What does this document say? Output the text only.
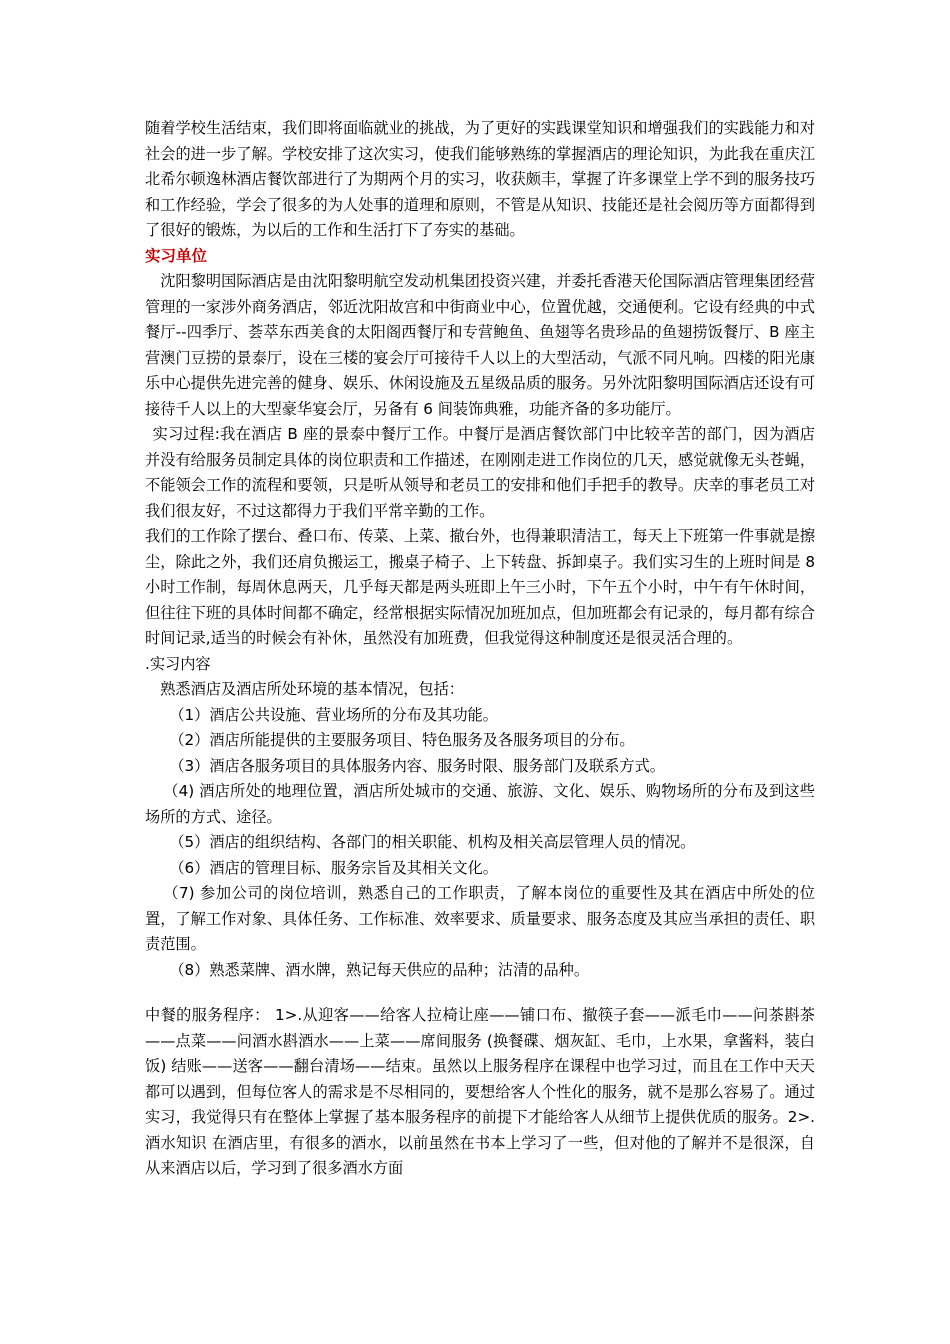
随着学校生活结束，我们即将面临就业的挑战，为了更好的实践课堂知识和增强我们的实践能力和对社会的进一步了解。学校安排了这次实习，使我们能够熟练的掌握酒店的理论知识，为此我在重庆江北希尔顿逸林酒店餐饮部进行了为期两个月的实习，收获颇丰，掌握了许多课堂上学不到的服务技巧和工作经验，学会了很多的为人处事的道理和原则，不管是从知识、技能还是社会阅历等方面都得到了很好的锻炼，为以后的工作和生活打下了夯实的基础。

实习单位

沈阳黎明国际酒店是由沈阳黎明航空发动机集团投资兴建，并委托香港天伦国际酒店管理集团经营管理的一家涉外商务酒店，邻近沈阳故宫和中街商业中心，位置优越，交通便利。它设有经典的中式餐厅--四季厅、荟萃东西美食的太阳阁西餐厅和专营鲍鱼、鱼翅等名贵珍品的鱼翅捞饭餐厅、B 座主营澳门豆捞的景泰厅，设在三楼的宴会厅可接待千人以上的大型活动，气派不同凡响。四楼的阳光康乐中心提供先进完善的健身、娱乐、休闲设施及五星级品质的服务。另外沈阳黎明国际酒店还设有可接待千人以上的大型豪华宴会厅，另备有 6 间装饰典雅，功能齐备的多功能厅。

实习过程:我在酒店 B 座的景泰中餐厅工作。中餐厅是酒店餐饮部门中比较辛苦的部门，因为酒店并没有给服务员制定具体的岗位职责和工作描述，在刚刚走进工作岗位的几天，感觉就像无头苍蝇，不能领会工作的流程和要领，只是听从领导和老员工的安排和他们手把手的教导。庆幸的事老员工对我们很友好，不过这都得力于我们平常辛勤的工作。

我们的工作除了摆台、叠口布、传菜、上菜、撤台外，也得兼职清洁工，每天上下班第一件事就是擦尘，除此之外，我们还肩负搬运工，搬桌子椅子、上下转盘、拆卸桌子。我们实习生的上班时间是 8 小时工作制，每周休息两天，几乎每天都是两头班即上午三小时，下午五个小时，中午有午休时间，但往往下班的具体时间都不确定，经常根据实际情况加班加点，但加班都会有记录的，每月都有综合时间记录,适当的时候会有补休，虽然没有加班费，但我觉得这种制度还是很灵活合理的。

.实习内容

熟悉酒店及酒店所处环境的基本情况，包括：

（1）酒店公共设施、营业场所的分布及其功能。

（2）酒店所能提供的主要服务项目、特色服务及各服务项目的分布。

（3）酒店各服务项目的具体服务内容、服务时限、服务部门及联系方式。

（4) 酒店所处的地理位置，酒店所处城市的交通、旅游、文化、娱乐、购物场所的分布及到这些场所的方式、途径。

（5）酒店的组织结构、各部门的相关职能、机构及相关高层管理人员的情况。

（6）酒店的管理目标、服务宗旨及其相关文化。

（7) 参加公司的岗位培训，熟悉自己的工作职责，了解本岗位的重要性及其在酒店中所处的位置，了解工作对象、具体任务、工作标准、效率要求、质量要求、服务态度及其应当承担的责任、职责范围。

（8）熟悉菜牌、酒水牌，熟记每天供应的品种；沽清的品种。

中餐的服务程序： 1>.从迎客——给客人拉椅让座——铺口布、撤筷子套——派毛巾——问茶斟茶——点菜——问酒水斟酒水——上菜——席间服务 (换餐碟、烟灰缸、毛巾，上水果，拿酱料，装白饭) 结账——送客——翻台清场——结束。虽然以上服务程序在课程中也学习过，而且在工作中天天都可以遇到，但每位客人的需求是不尽相同的，要想给客人个性化的服务，就不是那么容易了。通过实习，我觉得只有在整体上掌握了基本服务程序的前提下才能给客人从细节上提供优质的服务。2>.酒水知识 在酒店里，有很多的酒水，以前虽然在书本上学习了一些，但对他的了解并不是很深，自从来酒店以后，学习到了很多酒水方面
